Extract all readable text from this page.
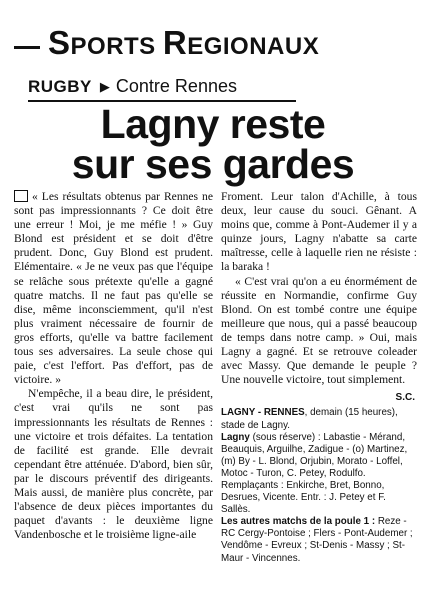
SPORTS REGIONAUX
RUGBY ▶ Contre Rennes
Lagny reste
sur ses gardes

« Les résultats obtenus par Rennes ne sont pas impressionnants ? Ce doit être une erreur ! Moi, je me méfie ! » Guy Blond est président et se doit d'être prudent. Donc, Guy Blond est prudent. Elémentaire. « Je ne veux pas que l'équipe se relâche sous prétexte qu'elle a gagné quatre matchs. Il ne faut pas qu'elle se dise, même inconsciemment, qu'il n'est plus vraiment nécessaire de fournir de gros efforts, qu'elle va battre facilement tous ses adversaires. La seule chose qui paie, c'est l'effort. Pas d'effort, pas de victoire. »

N'empêche, il a beau dire, le président, c'est vrai qu'ils ne sont pas impressionnants les résultats de Rennes : une victoire et trois défaites. La tentation de facilité est grande. Elle devrait cependant être atténuée. D'abord, bien sûr, par le discours préventif des dirigeants. Mais aussi, de manière plus concrète, par l'absence de deux pièces importantes du paquet d'avants : le deuxième ligne Vandenbosche et le troisième ligne-aile

Froment. Leur talon d'Achille, à tous deux, leur cause du souci. Gênant. A moins que, comme à Pont-Audemer il y a quinze jours, Lagny n'abatte sa carte maîtresse, celle à laquelle rien ne résiste : la baraka !

« C'est vrai qu'on a eu énormément de réussite en Normandie, confirme Guy Blond. On est tombé contre une équipe meilleure que nous, qui a passé beaucoup de temps dans notre camp. » Oui, mais Lagny a gagné. Et se retrouve coleader avec Massy. Que demande le peuple ? Une nouvelle victoire, tout simplement.

S.C.

LAGNY - RENNES, demain (15 heures), stade de Lagny.

Lagny (sous réserve) : Labastie - Mérand, Beauquis, Arguilhe, Zadigue - (o) Martinez, (m) By - L. Blond, Orjubin, Morato - Loffel, Motoc - Turon, C. Petey, Rodulfo. Remplaçants : Enkirche, Bret, Bonno, Desrues, Vicente. Entr. : J. Petey et F. Sallès.

Les autres matchs de la poule 1 : Reze - RC Cergy-Pontoise ; Flers - Pont-Audemer ; Vendôme - Evreux ; St-Denis - Massy ; St-Maur - Vincennes.
